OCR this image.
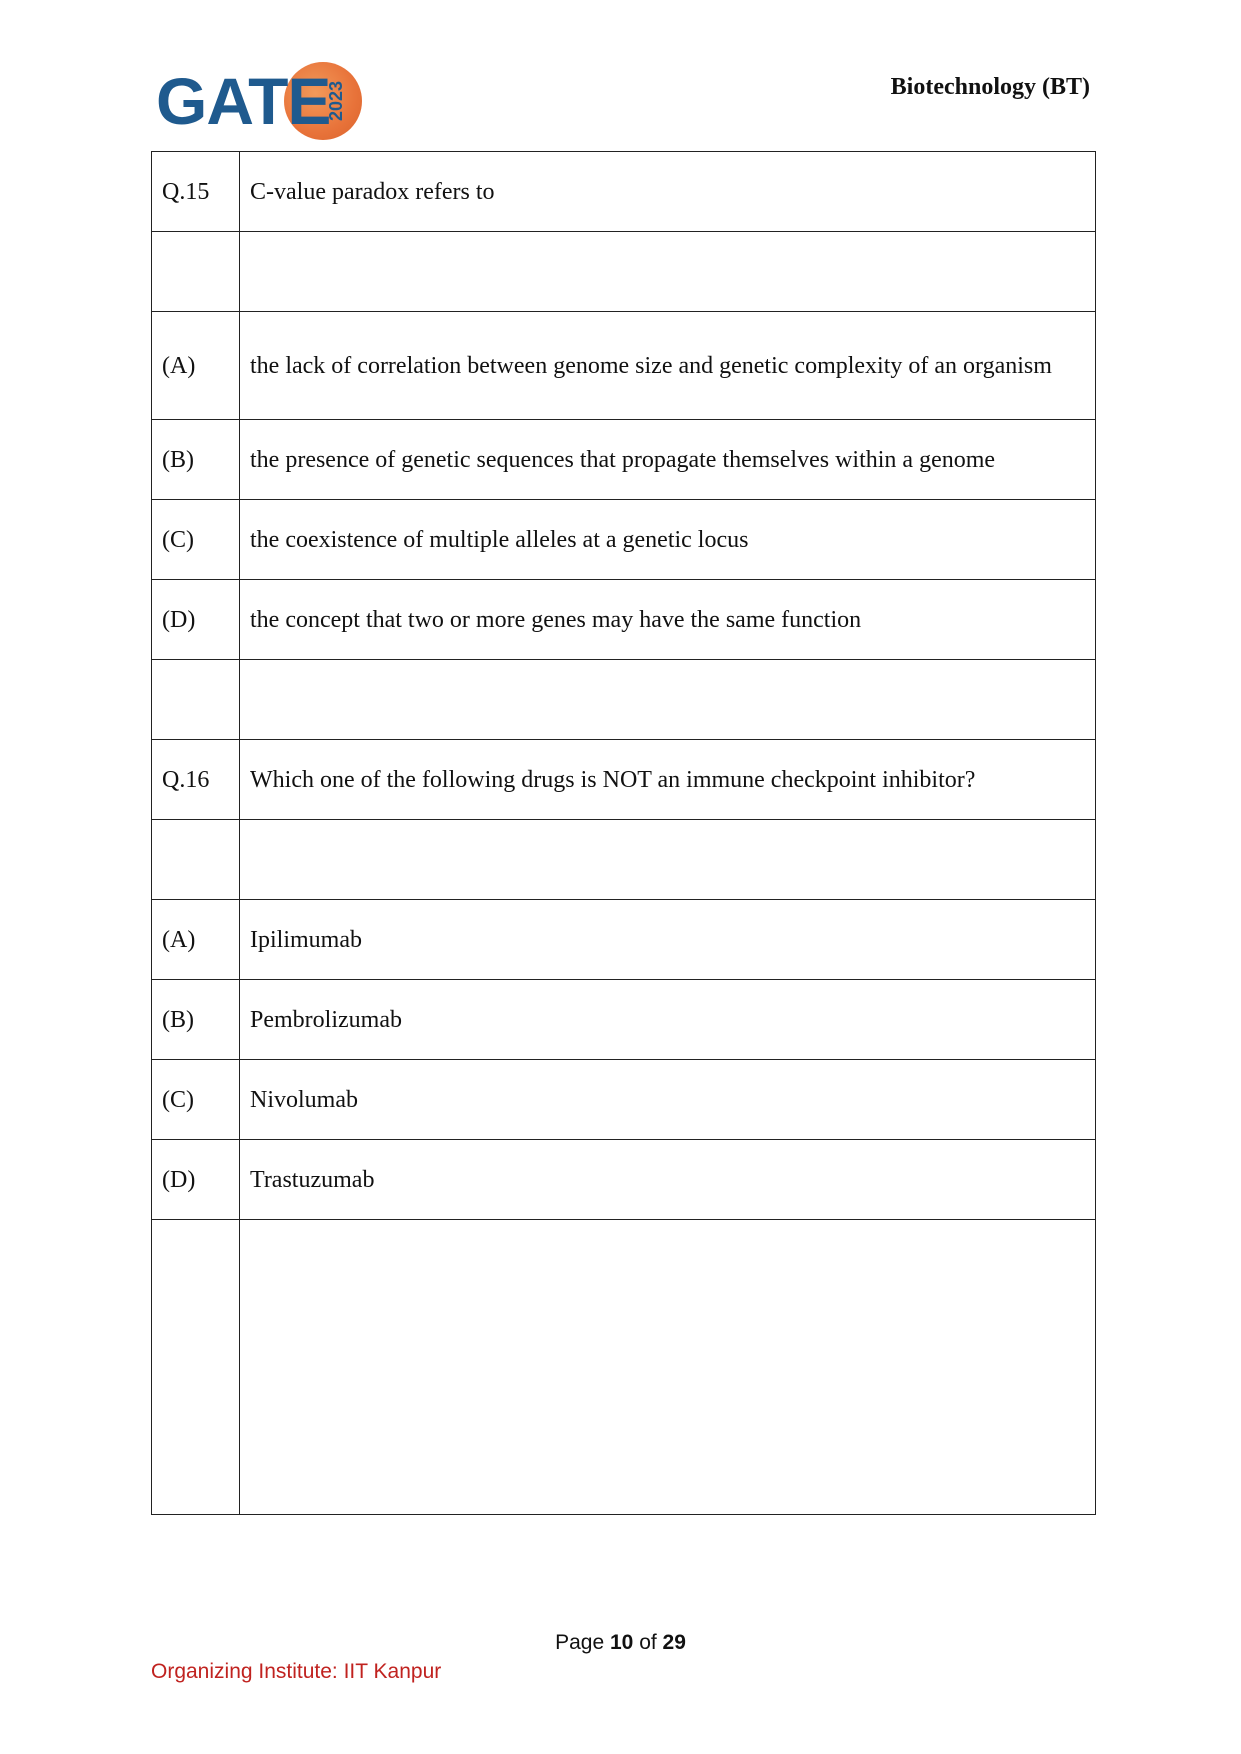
GATE
2023	Biotechnology (BT)
Q.15	C-value paradox refers to

(A)	the lack of correlation between genome size and genetic complexity of an organism
(B)	the presence of genetic sequences that propagate themselves within a genome
(C)	the coexistence of multiple alleles at a genetic locus
(D)	the concept that two or more genes may have the same function

Q.16	Which one of the following drugs is NOT an immune checkpoint inhibitor?

(A)	Ipilimumab
(B)	Pembrolizumab
(C)	Nivolumab
(D)	Trastuzumab

Page 10 of 29
Organizing Institute: IIT Kanpur
